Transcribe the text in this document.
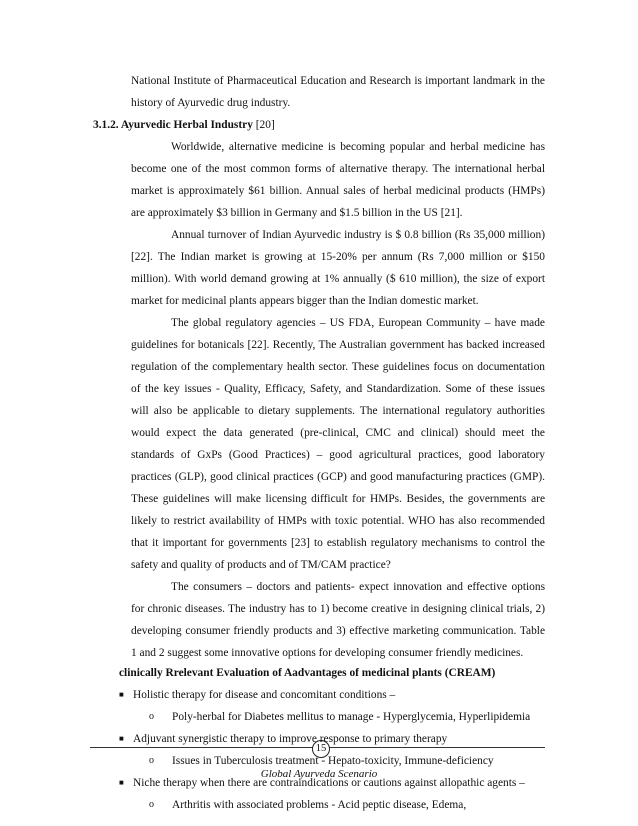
National Institute of Pharmaceutical Education and Research is important landmark in the
history of Ayurvedic drug industry.
3.1.2. Ayurvedic Herbal Industry [20]
Worldwide, alternative medicine is becoming popular and herbal medicine has
become one of the most common forms of alternative therapy. The international herbal
market is approximately $61 billion. Annual sales of herbal medicinal products (HMPs)
are approximately $3 billion in Germany and $1.5 billion in the US [21].
Annual turnover of Indian Ayurvedic industry is $ 0.8 billion (Rs 35,000 million)
[22]. The Indian market is growing at 15-20% per annum (Rs 7,000 million or $150
million). With world demand growing at 1% annually ($ 610 million), the size of export
market for medicinal plants appears bigger than the Indian domestic market.
The global regulatory agencies – US FDA, European Community – have made
guidelines for botanicals [22]. Recently, The Australian government has backed increased
regulation of the complementary health sector. These guidelines focus on documentation
of the key issues - Quality, Efficacy, Safety, and Standardization. Some of these issues
will also be applicable to dietary supplements. The international regulatory authorities
would expect the data generated (pre-clinical, CMC and clinical) should meet the
standards of GxPs (Good Practices) – good agricultural practices, good laboratory
practices (GLP), good clinical practices (GCP) and good manufacturing practices (GMP).
These guidelines will make licensing difficult for HMPs. Besides, the governments are
likely to restrict availability of HMPs with toxic potential. WHO has also recommended
that it important for governments [23] to establish regulatory mechanisms to control the
safety and quality of products and of TM/CAM practice?
The consumers – doctors and patients- expect innovation and effective options
for chronic diseases. The industry has to 1) become creative in designing clinical trials, 2)
developing consumer friendly products and 3) effective marketing communication. Table
1 and 2 suggest some innovative options for developing consumer friendly medicines.
clinically Rrelevant Evaluation of Aadvantages of medicinal plants (CREAM)
■ Holistic therapy for disease and concomitant conditions –
o Poly-herbal for Diabetes mellitus to manage - Hyperglycemia, Hyperlipidemia
15
Global Ayurveda Scenario
■ Adjuvant synergistic therapy to improve response to primary therapy
o Issues in Tuberculosis treatment - Hepato-toxicity, Immune-deficiency
■ Niche therapy when there are contraindications or cautions against allopathic agents –
o Arthritis with associated problems - Acid peptic disease, Edema,
